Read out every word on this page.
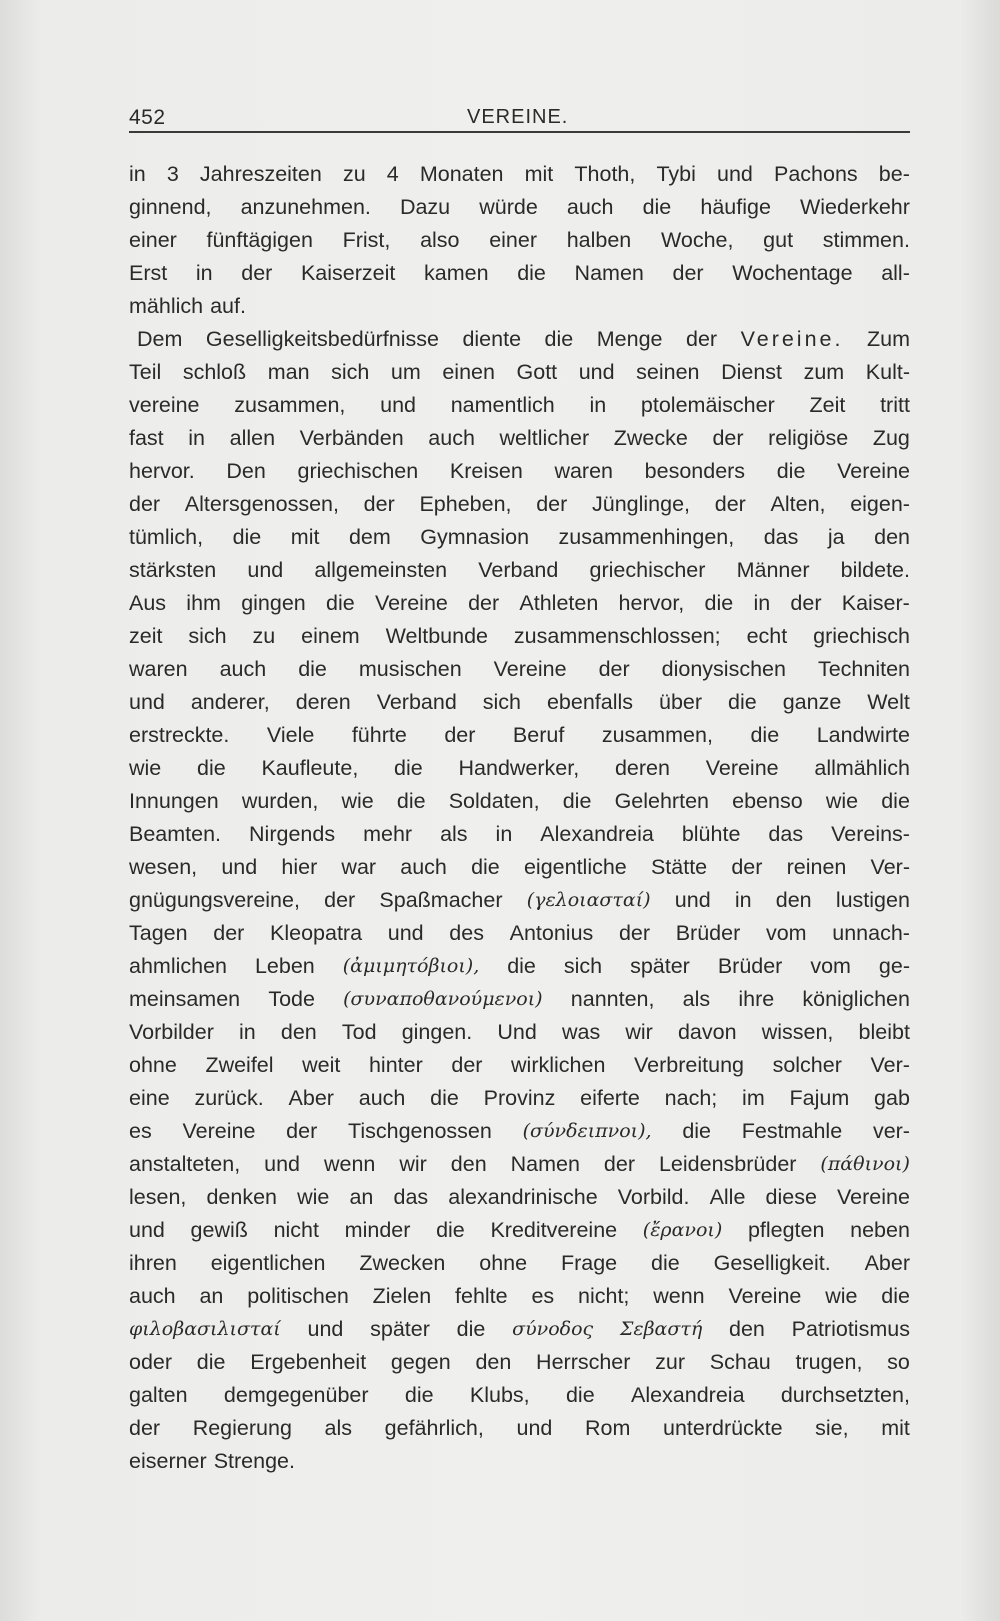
452	VEREINE.
in 3 Jahreszeiten zu 4 Monaten mit Thoth, Tybi und Pachons be-
ginnend, anzunehmen. Dazu würde auch die häufige Wiederkehr
einer fünftägigen Frist, also einer halben Woche, gut stimmen.
Erst in der Kaiserzeit kamen die Namen der Wochentage all-
mählich auf.
Dem Geselligkeitsbedürfnisse diente die Menge der Vereine. Zum
Teil schloß man sich um einen Gott und seinen Dienst zum Kult-
vereine zusammen, und namentlich in ptolemäischer Zeit tritt
fast in allen Verbänden auch weltlicher Zwecke der religiöse Zug
hervor. Den griechischen Kreisen waren besonders die Vereine
der Altersgenossen, der Epheben, der Jünglinge, der Alten, eigen-
tümlich, die mit dem Gymnasion zusammenhingen, das ja den
stärksten und allgemeinsten Verband griechischer Männer bildete.
Aus ihm gingen die Vereine der Athleten hervor, die in der Kaiser-
zeit sich zu einem Weltbunde zusammenschlossen; echt griechisch
waren auch die musischen Vereine der dionysischen Techniten
und anderer, deren Verband sich ebenfalls über die ganze Welt
erstreckte. Viele führte der Beruf zusammen, die Landwirte
wie die Kaufleute, die Handwerker, deren Vereine allmählich
Innungen wurden, wie die Soldaten, die Gelehrten ebenso wie die
Beamten. Nirgends mehr als in Alexandreia blühte das Vereins-
wesen, und hier war auch die eigentliche Stätte der reinen Ver-
gnügungsvereine, der Spaßmacher (γελοιασταί) und in den lustigen
Tagen der Kleopatra und des Antonius der Brüder vom unnach-
ahmlichen Leben (ἀμιμητόβιοι), die sich später Brüder vom ge-
meinsamen Tode (συναποθανούμενοι) nannten, als ihre königlichen
Vorbilder in den Tod gingen. Und was wir davon wissen, bleibt
ohne Zweifel weit hinter der wirklichen Verbreitung solcher Ver-
eine zurück. Aber auch die Provinz eiferte nach; im Fajum gab
es Vereine der Tischgenossen (σύνδειπνοι), die Festmahle ver-
anstalteten, und wenn wir den Namen der Leidensbrüder (πάθινοι)
lesen, denken wie an das alexandrinische Vorbild. Alle diese Vereine
und gewiß nicht minder die Kreditvereine (ἔρανοι) pflegten neben
ihren eigentlichen Zwecken ohne Frage die Geselligkeit. Aber
auch an politischen Zielen fehlte es nicht; wenn Vereine wie die
φιλοβασιλισταί und später die σύνοδος Σεβαστή den Patriotismus
oder die Ergebenheit gegen den Herrscher zur Schau trugen, so
galten demgegenüber die Klubs, die Alexandreia durchsetzten,
der Regierung als gefährlich, und Rom unterdrückte sie, mit
eiserner Strenge.
